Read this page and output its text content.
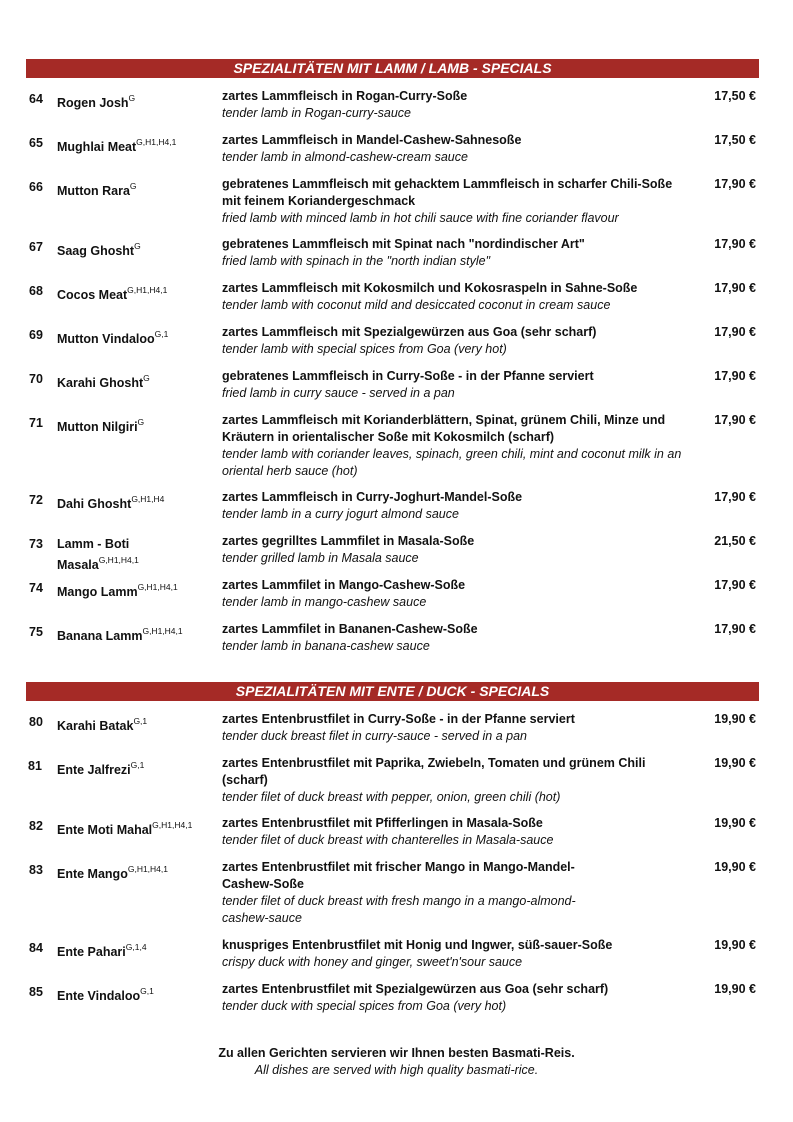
SPEZIALITÄTEN MIT LAMM / LAMB - SPECIALS
64	Rogen Josh$^G$	zartes Lammfleisch in Rogan-Curry-Soße
tender lamb in Rogan-curry-sauce
17,50 €
65	Mughlai Meat$^{G,H1,H4,1}$	zartes Lammfleisch in Mandel-Cashew-Sahnesoße
tender lamb in almond-cashew-cream sauce
17,50 €
66	Mutton Rara$^G$	gebratenes Lammfleisch mit gehacktem Lammfleisch in scharfer Chili-Soße mit feinem Koriandergeschmack
fried lamb with minced lamb in hot chili sauce with fine coriander flavour
17,90 €
67	Saag Ghosht$^G$	gebratenes Lammfleisch mit Spinat nach "nordindischer Art"
fried lamb with spinach in the "north indian style"
17,90 €
68	Cocos Meat$^{G,H1,H4,1}$	zartes Lammfleisch mit Kokosmilch und Kokosraspeln in Sahne-Soße
tender lamb with coconut mild and desiccated coconut in cream sauce
17,90 €
69	Mutton Vindaloo$^{G,1}$	zartes Lammfleisch mit Spezialgewürzen aus Goa (sehr scharf)
tender lamb with special spices from Goa (very hot)
17,90 €
70	Karahi Ghosht$^G$	gebratenes Lammfleisch in Curry-Soße - in der Pfanne serviert
fried lamb in curry sauce - served in a pan
17,90 €
71	Mutton Nilgiri$^G$	zartes Lammfleisch mit Korianderblättern, Spinat, grünem Chili, Minze und Kräutern in orientalischer Soße mit Kokosmilch (scharf)
tender lamb with coriander leaves, spinach, green chili, mint and coconut milk in an oriental herb sauce (hot)
17,90 €
72	Dahi Ghosht$^{G,H1,H4}$	zartes Lammfleisch in Curry-Joghurt-Mandel-Soße
tender lamb in a curry jogurt almond sauce
17,90 €
73	Lamm - Boti Masala$^{G,H1,H4,1}$
zartes gegrilltes Lammfilet in Masala-Soße
tender grilled lamb in Masala sauce
21,50 €
74	Mango Lamm$^{G,H1,H4,1}$	zartes Lammfilet in Mango-Cashew-Soße
tender lamb in mango-cashew sauce
17,90 €
75	Banana Lamm$^{G,H1,H4,1}$	zartes Lammfilet in Bananen-Cashew-Soße
tender lamb in banana-cashew sauce
17,90 €
SPEZIALITÄTEN MIT ENTE / DUCK - SPECIALS
80	Karahi Batak$^{G,1}$	zartes Entenbrustfilet in Curry-Soße - in der Pfanne serviert
tender duck breast filet in curry-sauce - served in a pan
19,90 €
81	Ente Jalfrezi$^{G,1}$	zartes Entenbrustfilet mit Paprika, Zwiebeln, Tomaten und grünem Chili (scharf)
tender filet of duck breast with pepper, onion, green chili (hot)
19,90 €
82	Ente Moti Mahal$^{G,H1,H4,1}$	zartes Entenbrustfilet mit Pfifferlingen in Masala-Soße
tender filet of duck breast with chanterelles in Masala-sauce
19,90 €
83	Ente Mango$^{G,H1,H4,1}$	zartes Entenbrustfilet mit frischer Mango in Mango-Mandel-Cashew-Soße
tender filet of duck breast with fresh mango in a mango-almond-cashew-sauce
19,90 €
84	Ente Pahari$^{G,1,4}$	knuspriges Entenbrustfilet mit Honig und Ingwer, süß-sauer-Soße
crispy duck with honey and ginger, sweet'n'sour sauce
19,90 €
85	Ente Vindaloo$^{G,1}$	zartes Entenbrustfilet mit Spezialgewürzen aus Goa (sehr scharf)
tender duck with special spices from Goa (very hot)
19,90 €
Zu allen Gerichten servieren wir Ihnen besten Basmati-Reis.
All dishes are served with high quality basmati-rice.
